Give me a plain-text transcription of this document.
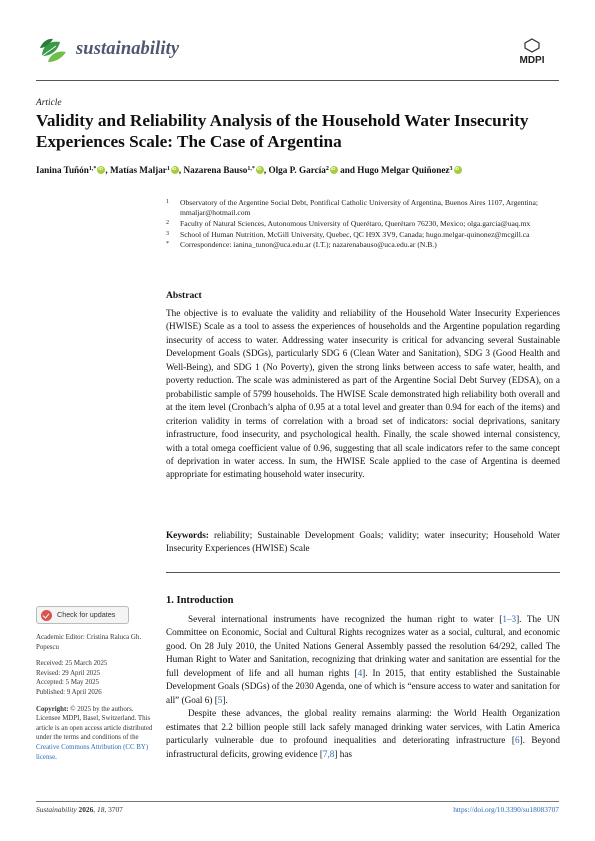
sustainability
MDPI
Article
Validity and Reliability Analysis of the Household Water Insecurity Experiences Scale: The Case of Argentina
Ianina Tuñón$^{1,*}$ iD , Matías Maljar$^1$ iD , Nazarena Bauso$^{1,*}$ iD , Olga P. García$^2$iD and Hugo Melgar Quiñonez$^3$iD
1 Observatory of the Argentine Social Debt, Pontifical Catholic University of Argentina, Buenos Aires 1107, Argentina; mmaljar@hotmail.com
2 Faculty of Natural Sciences, Autonomous University of Querétaro, Querétaro 76230, Mexico; olga.garcia@uaq.mx
3 School of Human Nutrition, McGill University, Quebec, QC H9X 3V9, Canada; hugo.melgar-quinonez@mcgill.ca
* Correspondence: ianina_tunon@uca.edu.ar (I.T.); nazarenabauso@uca.edu.ar (N.B.)
Abstract
The objective is to evaluate the validity and reliability of the Household Water Insecurity Experiences (HWISE) Scale as a tool to assess the experiences of households and the Argentine population regarding insecurity of access to water. Addressing water insecurity is critical for advancing several Sustainable Development Goals (SDGs), particularly SDG 6 (Clean Water and Sanitation), SDG 3 (Good Health and Well-Being), and SDG 1 (No Poverty), given the strong links between access to safe water, health, and poverty reduction. The scale was administered as part of the Argentine Social Debt Survey (EDSA), on a probabilistic sample of 5799 households. The HWISE Scale demonstrated high reliability both overall and at the item level (Cronbach’s alpha of 0.95 at a total level and greater than 0.94 for each of the items) and criterion validity in terms of correlation with a broad set of indicators: social deprivations, sanitary infrastructure, food insecurity, and psychological health. Finally, the scale showed internal consistency, with a total omega coefficient value of 0.96, suggesting that all scale indicators refer to the same concept of deprivation in water access. In sum, the HWISE Scale applied to the case of Argentina is deemed appropriate for estimating household water insecurity.
Keywords: reliability; Sustainable Development Goals; validity; water insecurity; Household Water Insecurity Experiences (HWISE) Scale
Check for updates
Academic Editor: Cristina Raluca Gh. Popescu
Received: 25 March 2025
Revised: 29 April 2025
Accepted: 5 May 2025
Published: 9 April 2026
Copyright: © 2025 by the authors. Licensee MDPI, Basel, Switzerland. This article is an open access article distributed under the terms and conditions of the Creative Commons Attribution (CC BY) license.
1. Introduction

Several international instruments have recognized the human right to water [1–3]. The UN Committee on Economic, Social and Cultural Rights recognizes water as a social, cultural, and economic good. On 28 July 2010, the United Nations General Assembly passed the resolution 64/292, called The Human Right to Water and Sanitation, recognizing that drinking water and sanitation are essential for the full development of life and all human rights [4]. In 2015, that entity established the Sustainable Development Goals (SDGs) of the 2030 Agenda, one of which is “ensure access to water and sanitation for all” (Goal 6) [5].

Despite these advances, the global reality remains alarming: the World Health Organization estimates that 2.2 billion people still lack safely managed drinking water services, with Latin America particularly vulnerable due to profound inequalities and deteriorating infrastructure [6]. Beyond infrastructural deficits, growing evidence [7,8] has

Sustainability 2026, 18, 3707	https://doi.org/10.3390/su18083707
